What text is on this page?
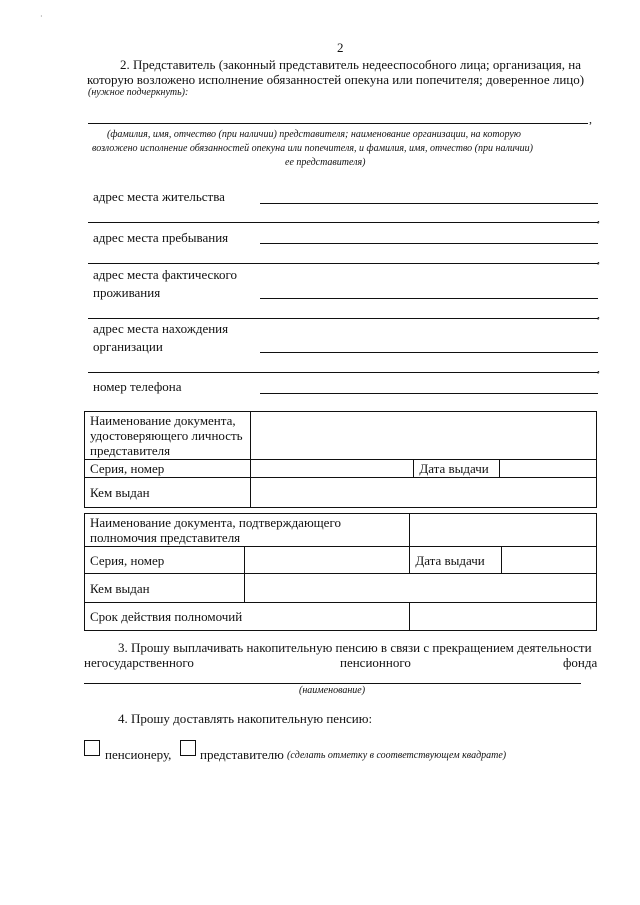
·
2
2. Представитель (законный представитель недееспособного лица; организация, на
которую возложено исполнение обязанностей опекуна или попечителя; доверенное лицо)
(нужное подчеркнуть):
,
(фамилия, имя, отчество (при наличии) представителя; наименование организации, на которую
возложено исполнение обязанностей опекуна или попечителя, и фамилия, имя, отчество (при наличии)
ее представителя)
адрес места жительства
,
адрес места пребывания
,
адрес места фактического
проживания
,
адрес места нахождения
организации
,
номер телефона
Наименование документа,
удостоверяющего личность
представителя			

Серия, номер		Дата выдачи	
Кем выдан			
Наименование документа, подтверждающего
полномочия представителя			

Серия, номер		Дата выдачи	
Кем выдан			
Срок действия полномочий			
3. Прошу выплачивать накопительную пенсию в связи с прекращением деятельности
негосударственного	пенсионного	фонда
(наименование)
4. Прошу доставлять накопительную пенсию:
пенсионеру, представителю (сделать отметку в соответствующем квадрате)
